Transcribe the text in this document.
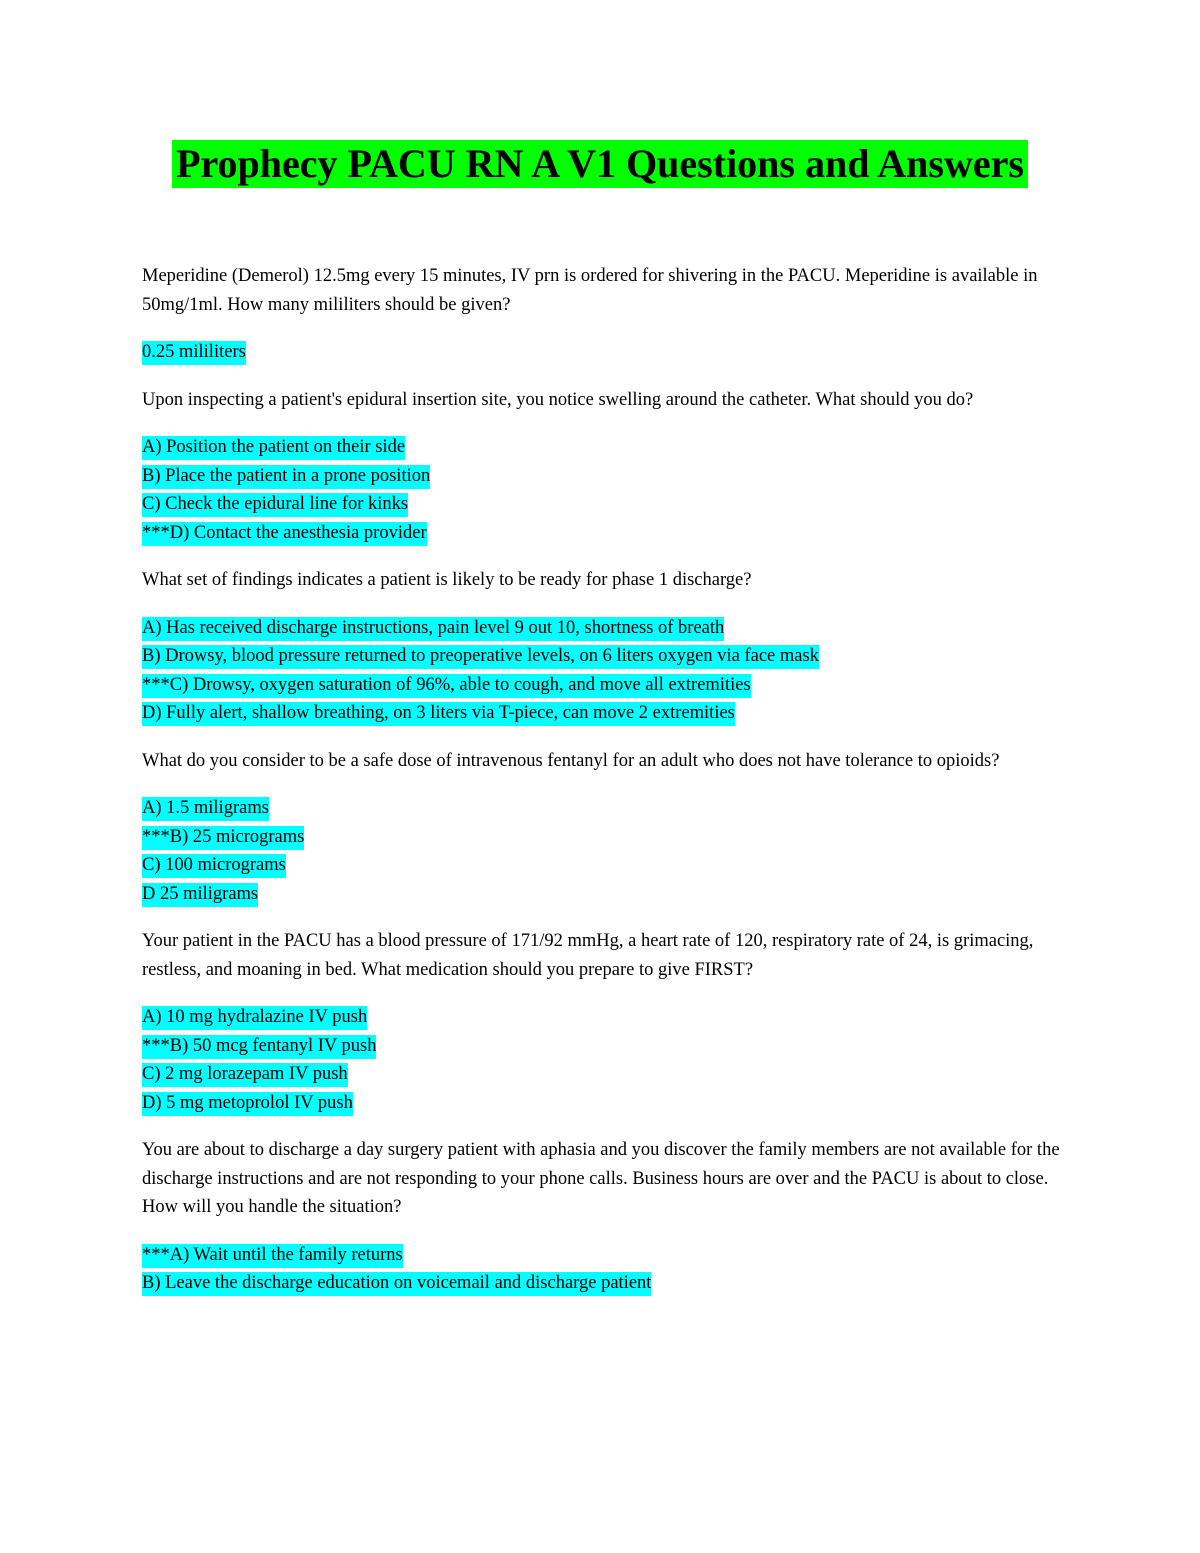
Prophecy PACU RN A V1 Questions and Answers

Meperidine (Demerol) 12.5mg every 15 minutes, IV prn is ordered for shivering in the PACU. Meperidine is available in 50mg/1ml. How many mililiters should be given?

0.25 mililiters

Upon inspecting a patient's epidural insertion site, you notice swelling around the catheter. What should you do?

A) Position the patient on their side
B) Place the patient in a prone position
C) Check the epidural line for kinks
***D) Contact the anesthesia provider

What set of findings indicates a patient is likely to be ready for phase 1 discharge?

A) Has received discharge instructions, pain level 9 out 10, shortness of breath
B) Drowsy, blood pressure returned to preoperative levels, on 6 liters oxygen via face mask
***C) Drowsy, oxygen saturation of 96%, able to cough, and move all extremities
D) Fully alert, shallow breathing, on 3 liters via T-piece, can move 2 extremities

What do you consider to be a safe dose of intravenous fentanyl for an adult who does not have tolerance to opioids?

A) 1.5 miligrams
***B) 25 micrograms
C) 100 micrograms
D 25 miligrams

Your patient in the PACU has a blood pressure of 171/92 mmHg, a heart rate of 120, respiratory rate of 24, is grimacing, restless, and moaning in bed. What medication should you prepare to give FIRST?

A) 10 mg hydralazine IV push
***B) 50 mcg fentanyl IV push
C) 2 mg lorazepam IV push
D) 5 mg metoprolol IV push

You are about to discharge a day surgery patient with aphasia and you discover the family members are not available for the discharge instructions and are not responding to your phone calls. Business hours are over and the PACU is about to close. How will you handle the situation?

***A) Wait until the family returns
B) Leave the discharge education on voicemail and discharge patient
